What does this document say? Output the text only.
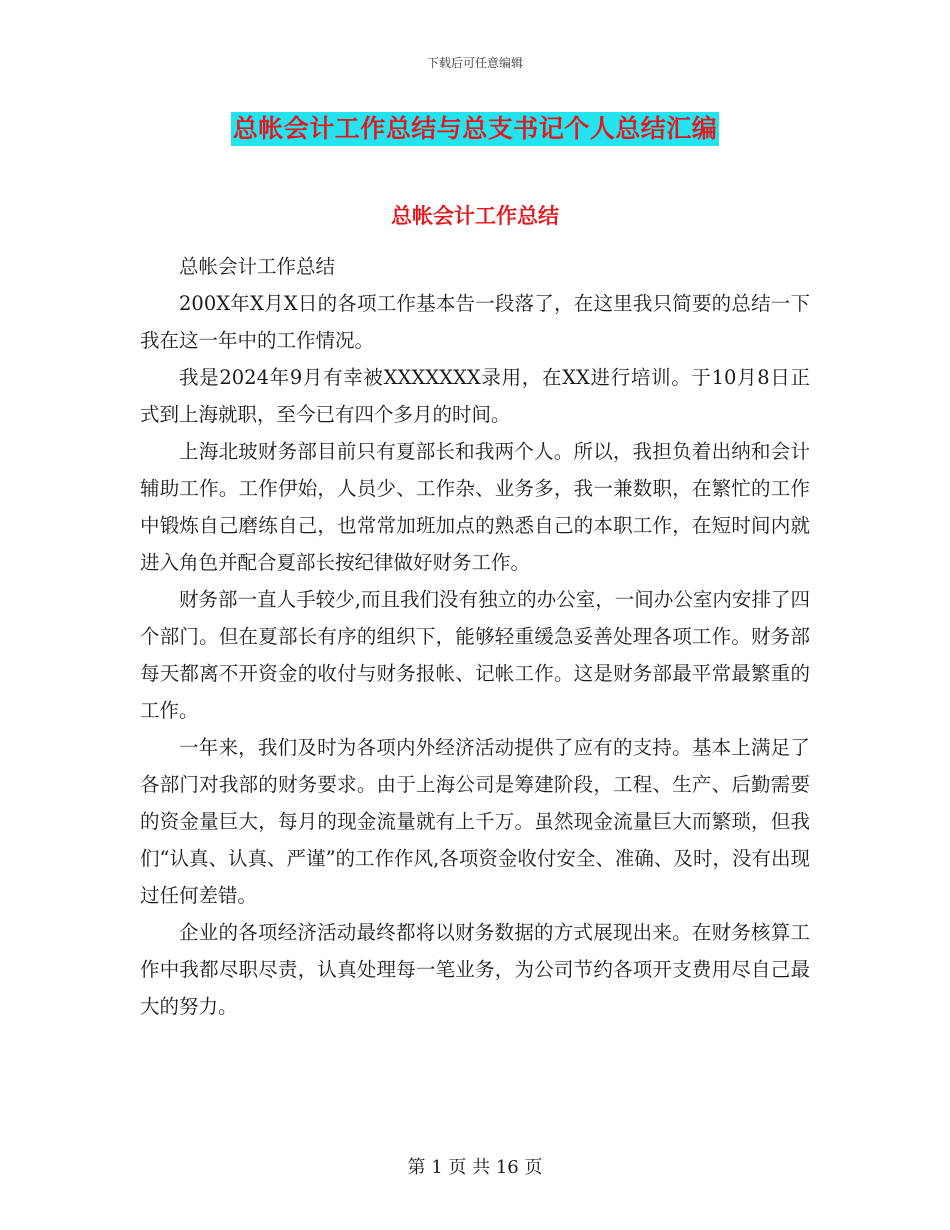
下载后可任意编辑
总帐会计工作总结与总支书记个人总结汇编
总帐会计工作总结

总帐会计工作总结

200X年X月X日的各项工作基本告一段落了，在这里我只简要的总结一下我在这一年中的工作情况。

我是2024年9月有幸被XXXXXXX录用，在XX进行培训。于10月8日正式到上海就职，至今已有四个多月的时间。

上海北玻财务部目前只有夏部长和我两个人。所以，我担负着出纳和会计辅助工作。工作伊始，人员少、工作杂、业务多，我一兼数职，在繁忙的工作中锻炼自己磨练自己，也常常加班加点的熟悉自己的本职工作，在短时间内就进入角色并配合夏部长按纪律做好财务工作。

财务部一直人手较少,而且我们没有独立的办公室，一间办公室内安排了四个部门。但在夏部长有序的组织下，能够轻重缓急妥善处理各项工作。财务部每天都离不开资金的收付与财务报帐、记帐工作。这是财务部最平常最繁重的工作。

一年来，我们及时为各项内外经济活动提供了应有的支持。基本上满足了各部门对我部的财务要求。由于上海公司是筹建阶段，工程、生产、后勤需要的资金量巨大，每月的现金流量就有上千万。虽然现金流量巨大而繁琐，但我们“认真、认真、严谨”的工作作风,各项资金收付安全、准确、及时，没有出现过任何差错。

企业的各项经济活动最终都将以财务数据的方式展现出来。在财务核算工作中我都尽职尽责，认真处理每一笔业务，为公司节约各项开支费用尽自己最大的努力。

第 1 页 共 16 页
